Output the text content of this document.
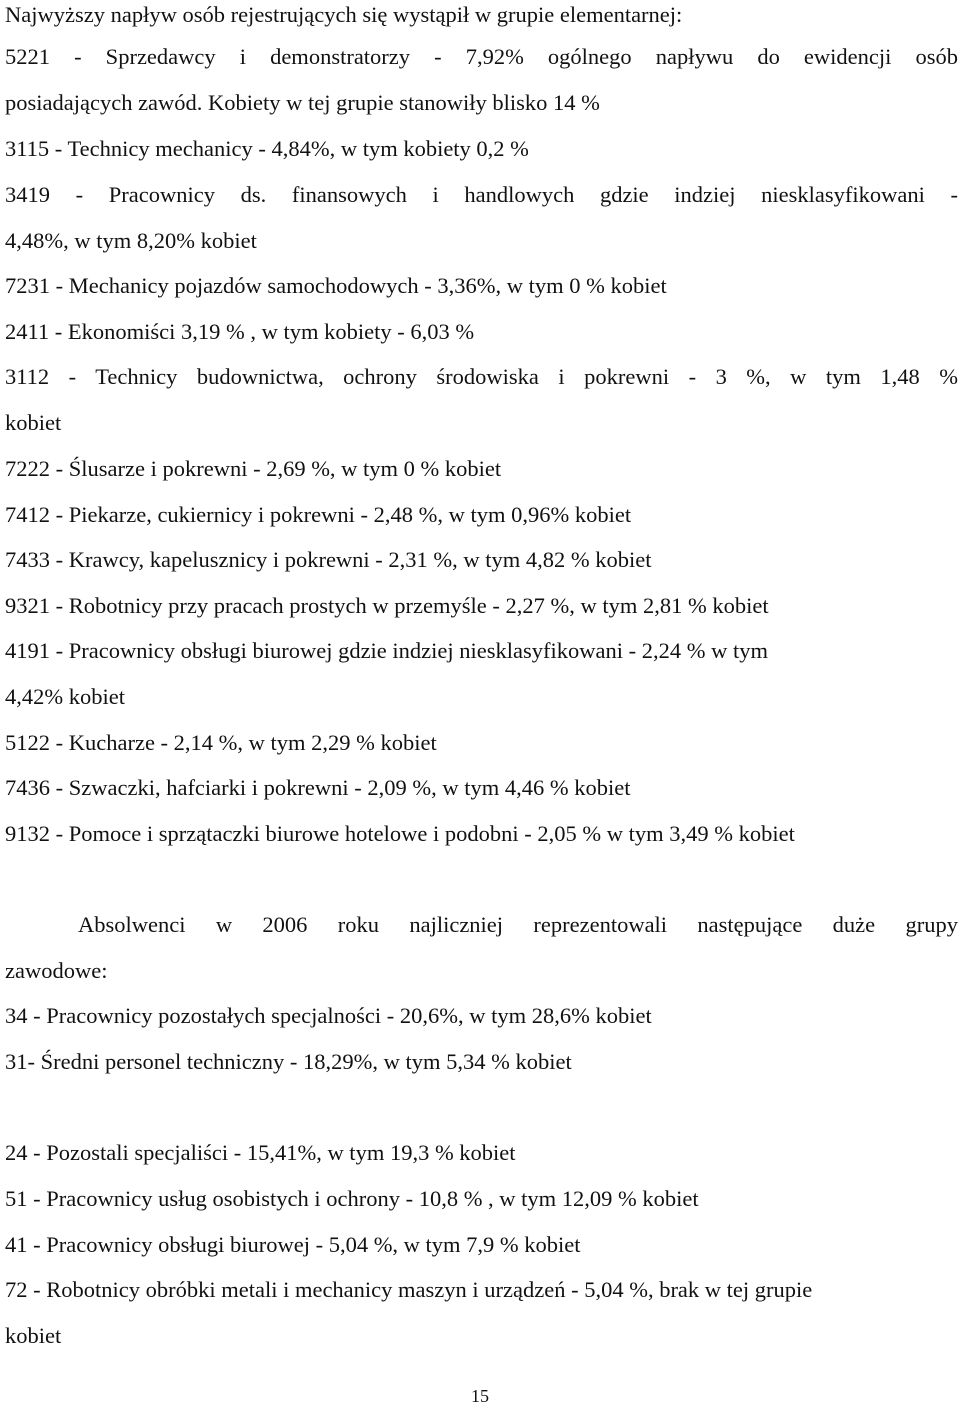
Najwyższy napływ osób rejestrujących się wystąpił w grupie elementarnej:
5221 - Sprzedawcy i demonstratorzy - 7,92% ogólnego napływu do ewidencji osób
posiadających zawód. Kobiety w tej grupie stanowiły blisko 14 %
3115 - Technicy mechanicy - 4,84%, w tym kobiety 0,2 %
3419 - Pracownicy ds. finansowych i handlowych gdzie indziej niesklasyfikowani -
4,48%, w tym 8,20% kobiet
7231 - Mechanicy pojazdów samochodowych - 3,36%, w tym 0 % kobiet
2411 - Ekonomiści 3,19 % , w tym kobiety - 6,03 %
3112 - Technicy budownictwa, ochrony środowiska i pokrewni - 3 %, w tym 1,48 %
kobiet
7222 - Ślusarze i pokrewni - 2,69 %, w tym 0 % kobiet
7412 - Piekarze, cukiernicy i pokrewni - 2,48 %, w tym 0,96% kobiet
7433 - Krawcy, kapelusznicy i pokrewni - 2,31 %, w tym 4,82 % kobiet
9321 - Robotnicy przy pracach prostych w przemyśle - 2,27 %, w tym 2,81 % kobiet
4191 - Pracownicy obsługi biurowej gdzie indziej niesklasyfikowani - 2,24 % w tym
4,42% kobiet
5122 - Kucharze - 2,14 %, w tym 2,29 % kobiet
7436 - Szwaczki, hafciarki i pokrewni - 2,09 %, w tym 4,46 % kobiet
9132 - Pomoce i sprzątaczki biurowe hotelowe i podobni - 2,05 % w tym 3,49 % kobiet
Absolwenci w 2006 roku najliczniej reprezentowali następujące duże grupy
zawodowe:
34 - Pracownicy pozostałych specjalności - 20,6%, w tym 28,6% kobiet
31- Średni personel techniczny - 18,29%, w tym 5,34 % kobiet
24 - Pozostali specjaliści - 15,41%, w tym 19,3 % kobiet
51 - Pracownicy usług osobistych i ochrony - 10,8 % , w tym 12,09 % kobiet
41 - Pracownicy obsługi biurowej - 5,04 %, w tym 7,9 % kobiet
72 - Robotnicy obróbki metali i mechanicy maszyn i urządzeń - 5,04 %, brak w tej grupie
kobiet
15
